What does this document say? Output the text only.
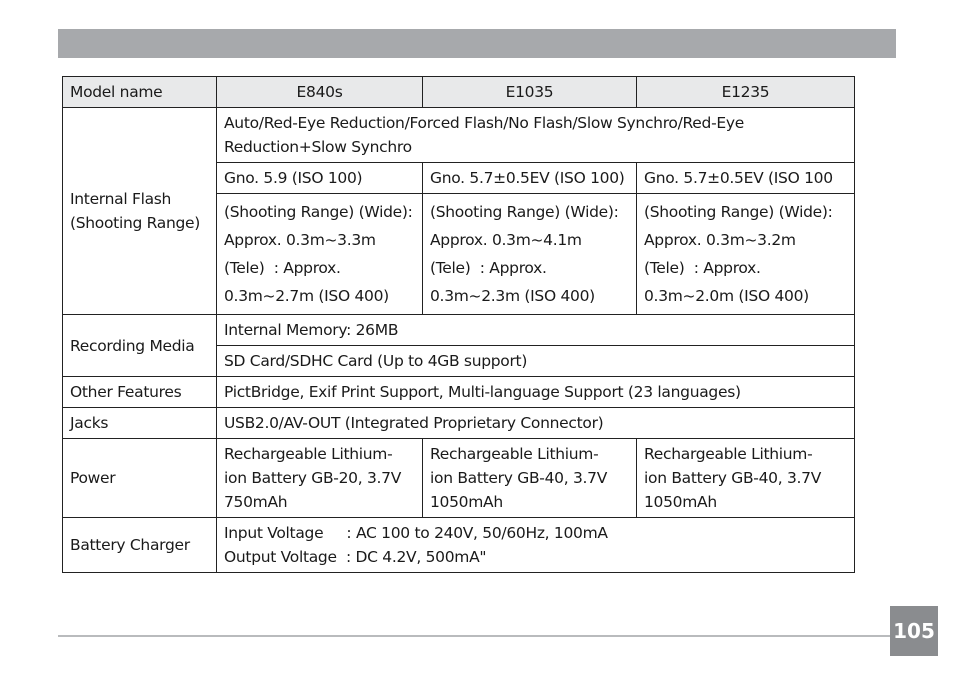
Model name	E840s	E1035	E1235

Internal Flash
(Shooting Range)	Auto/Red-Eye Reduction/Forced Flash/No Flash/Slow Synchro/Red-Eye
Reduction+Slow Synchro		

	Gno. 5.9 (ISO 100)	Gno. 5.7±0.5EV (ISO 100)	Gno. 5.7±0.5EV (ISO 100

	(Shooting Range) (Wide):
Approx. 0.3m~3.3m
(Tele)  : Approx.
0.3m~2.7m (ISO 400)	(Shooting Range) (Wide):
Approx. 0.3m~4.1m
(Tele)  : Approx.
0.3m~2.3m (ISO 400)	(Shooting Range) (Wide):
Approx. 0.3m~3.2m
(Tele)  : Approx.
0.3m~2.0m (ISO 400)

Recording Media	Internal Memory: 26MB		
	SD Card/SDHC Card (Up to 4GB support)		
Other Features	PictBridge, Exif Print Support, Multi-language Support (23 languages)		
Jacks	USB2.0/AV-OUT (Integrated Proprietary Connector)		
Power	Rechargeable Lithium-
ion Battery GB-20, 3.7V
750mAh	Rechargeable Lithium-
ion Battery GB-40, 3.7V
1050mAh	Rechargeable Lithium-
ion Battery GB-40, 3.7V
1050mAh

Battery Charger	Input Voltage     : AC 100 to 240V, 50/60Hz, 100mA
Output Voltage  : DC 4.2V, 500mA"		
105
